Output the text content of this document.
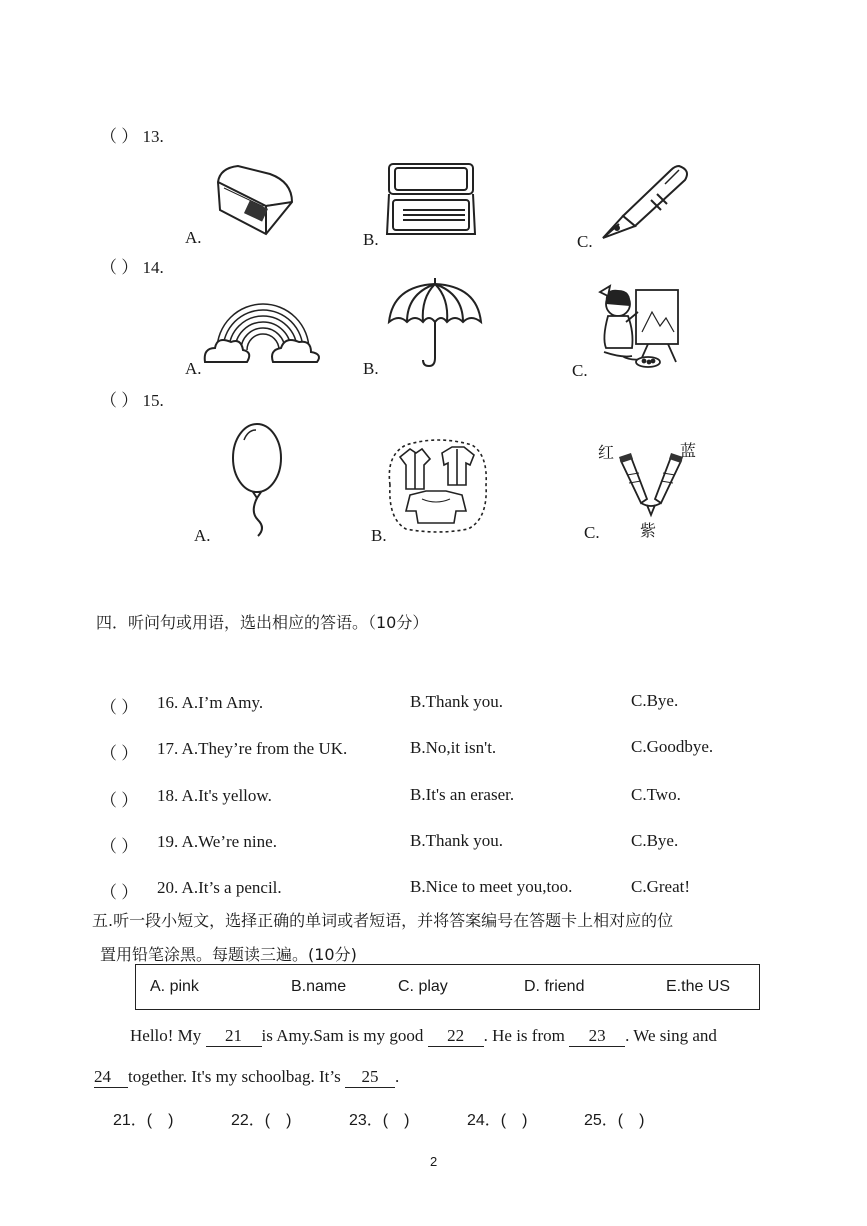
（ ） 13.
A.	B.	C.
（ ） 14.
A.	B.	C.
（ ） 15.
A.	B.	C.
红	蓝
紫
四．听问句或用语，选出相应的答语。（10分）
（ ） 16. A.I’m Amy.	B.Thank you.	C.Bye.
（ ） 17. A.They’re from the UK.	B.No,it isn't.	C.Goodbye.
（ ） 18. A.It's yellow.	B.It's an eraser.	C.Two.
（ ） 19. A.We’re nine.	B.Thank you.	C.Bye.
（ ） 20. A.It’s a pencil.	B.Nice to meet you,too.	C.Great!
五.听一段小短文，选择正确的单词或者短语，并将答案编号在答题卡上相对应的位
置用铅笔涂黑。每题读三遍。(10分)
A. pink	B.name	C. play	D. friend	E.the US
Hello! My 21 is Amy.Sam is my good 22 . He is from 23 . We sing and
24 together. It's my schoolbag. It’s 25 .
21．(　)	22．(　)	23．(　)	24．(　)	25．(　)
2
